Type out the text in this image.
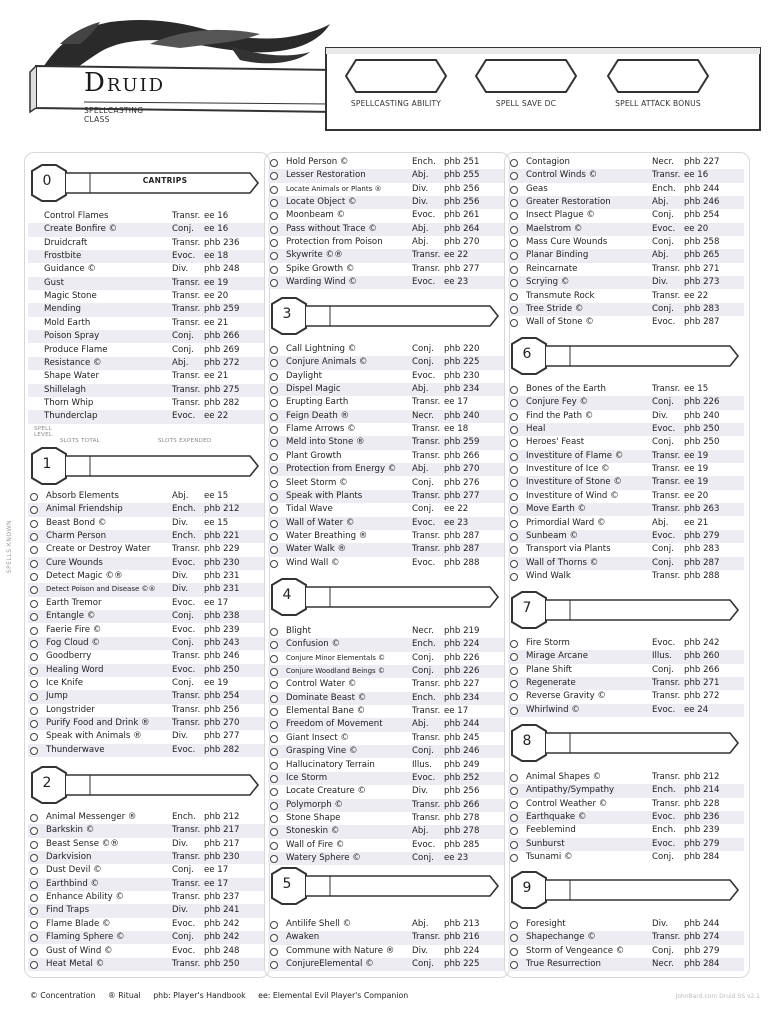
Druid
SPELLCASTING CLASS
SPELLCASTING ABILITY	SPELL SAVE DC	SPELL ATTACK BONUS
0	CANTRIPS
Control Flames	Transr. ee 16
Create Bonfire ©	Conj. ee 16
Druidcraft	Transr. phb 236
Frostbite	Evoc. ee 18
Guidance ©	Div. phb 248
Gust	Transr. ee 19
Magic Stone	Transr. ee 20
Mending	Transr. phb 259
Mold Earth	Transr. ee 21
Poison Spray	Conj. phb 266
Produce Flame	Conj. phb 269
Resistance ©	Abj. phb 272
Shape Water	Transr. ee 21
Shillelagh	Transr. phb 275
Thorn Whip	Transr. phb 282
Thunderclap	Evoc. ee 22
1
Absorb Elements	Abj. ee 15
Animal Friendship	Ench. phb 212
Beast Bond ©	Div. ee 15
Charm Person	Ench. phb 221
Create or Destroy Water	Transr. phb 229
Cure Wounds	Evoc. phb 230
Detect Magic ©®	Div. phb 231
Detect Poison and Disease ©®	Div. phb 231
Earth Tremor	Evoc. ee 17
Entangle ©	Conj. phb 238
Faerie Fire ©	Evoc. phb 239
Fog Cloud ©	Conj. phb 243
Goodberry	Transr. phb 246
Healing Word	Evoc. phb 250
Ice Knife	Conj. ee 19
Jump	Transr. phb 254
Longstrider	Transr. phb 256
Purify Food and Drink ®	Transr. phb 270
Speak with Animals ®	Div. phb 277
Thunderwave	Evoc. phb 282
2
Animal Messenger ®	Ench. phb 212
Barkskin ©	Transr. phb 217
Beast Sense ©®	Div. phb 217
Darkvision	Transr. phb 230
Dust Devil ©	Conj. ee 17
Earthbind ©	Transr. ee 17
Enhance Ability ©	Transr. phb 237
Find Traps	Div. phb 241
Flame Blade ©	Evoc. phb 242
Flaming Sphere ©	Conj. phb 242
Gust of Wind ©	Evoc. phb 248
Heat Metal ©	Transr. phb 250
Hold Person ©	Ench. phb 251
Lesser Restoration	Abj. phb 255
Locate Animals or Plants ®	Div. phb 256
Locate Object ©	Div. phb 256
Moonbeam ©	Evoc. phb 261
Pass without Trace ©	Abj. phb 264
Protection from Poison	Abj. phb 270
Skywrite ©®	Transr. ee 22
Spike Growth ©	Transr. phb 277
Warding Wind ©	Evoc. ee 23
3
Call Lightning ©	Conj. phb 220
Conjure Animals ©	Conj. phb 225
Daylight	Evoc. phb 230
Dispel Magic	Abj. phb 234
Erupting Earth	Transr. ee 17
Feign Death ®	Necr. phb 240
Flame Arrows ©	Transr. ee 18
Meld into Stone ®	Transr. phb 259
Plant Growth	Transr. phb 266
Protection from Energy ©	Abj. phb 270
Sleet Storm ©	Conj. phb 276
Speak with Plants	Transr. phb 277
Tidal Wave	Conj. ee 22
Wall of Water ©	Evoc. ee 23
Water Breathing ®	Transr. phb 287
Water Walk ®	Transr. phb 287
Wind Wall ©	Evoc. phb 288
4
Blight	Necr. phb 219
Confusion ©	Ench. phb 224
Conjure Minor Elementals ©	Conj. phb 226
Conjure Woodland Beings ©	Conj. phb 226
Control Water ©	Transr. phb 227
Dominate Beast ©	Ench. phb 234
Elemental Bane ©	Transr. ee 17
Freedom of Movement	Abj. phb 244
Giant Insect ©	Transr. phb 245
Grasping Vine ©	Conj. phb 246
Hallucinatory Terrain	Illus. phb 249
Ice Storm	Evoc. phb 252
Locate Creature ©	Div. phb 256
Polymorph ©	Transr. phb 266
Stone Shape	Transr. phb 278
Stoneskin ©	Abj. phb 278
Wall of Fire ©	Evoc. phb 285
Watery Sphere ©	Conj. ee 23
5
Antilife Shell ©	Abj. phb 213
Awaken	Transr. phb 216
Commune with Nature ®	Div. phb 224
ConjureElemental ©	Conj. phb 225
Contagion	Necr. phb 227
Control Winds ©	Transr. ee 16
Geas	Ench. phb 244
Greater Restoration	Abj. phb 246
Insect Plague ©	Conj. phb 254
Maelstrom ©	Evoc. ee 20
Mass Cure Wounds	Conj. phb 258
Planar Binding	Abj. phb 265
Reincarnate	Transr. phb 271
Scrying ©	Div. phb 273
Transmute Rock	Transr. ee 22
Tree Stride ©	Conj. phb 283
Wall of Stone ©	Evoc. phb 287
6
Bones of the Earth	Transr. ee 15
Conjure Fey ©	Conj. phb 226
Find the Path ©	Div. phb 240
Heal	Evoc. phb 250
Heroes' Feast	Conj. phb 250
Investiture of Flame ©	Transr. ee 19
Investiture of Ice ©	Transr. ee 19
Investiture of Stone ©	Transr. ee 19
Investiture of Wind ©	Transr. ee 20
Move Earth ©	Transr. phb 263
Primordial Ward ©	Abj. ee 21
Sunbeam ©	Evoc. phb 279
Transport via Plants	Conj. phb 283
Wall of Thorns ©	Conj. phb 287
Wind Walk	Transr. phb 288
7
Fire Storm	Evoc. phb 242
Mirage Arcane	Illus. phb 260
Plane Shift	Conj. phb 266
Regenerate	Transr. phb 271
Reverse Gravity ©	Transr. phb 272
Whirlwind ©	Evoc. ee 24
8
Animal Shapes ©	Transr. phb 212
Antipathy/Sympathy	Ench. phb 214
Control Weather ©	Transr. phb 228
Earthquake ©	Evoc. phb 236
Feeblemind	Ench. phb 239
Sunburst	Evoc. phb 279
Tsunami ©	Conj. phb 284
9
Foresight	Div. phb 244
Shapechange ©	Transr. phb 274
Storm of Vengeance ©	Conj. phb 279
True Resurrection	Necr. phb 284
SPELL LEVEL
SLOTS TOTAL	SLOTS EXPENDED
SPELLS KNOWN
© Concentration ® Ritual phb: Player's Handbook ee: Elemental Evil Player's Companion	JohnBard.com Druid SS v2.1
